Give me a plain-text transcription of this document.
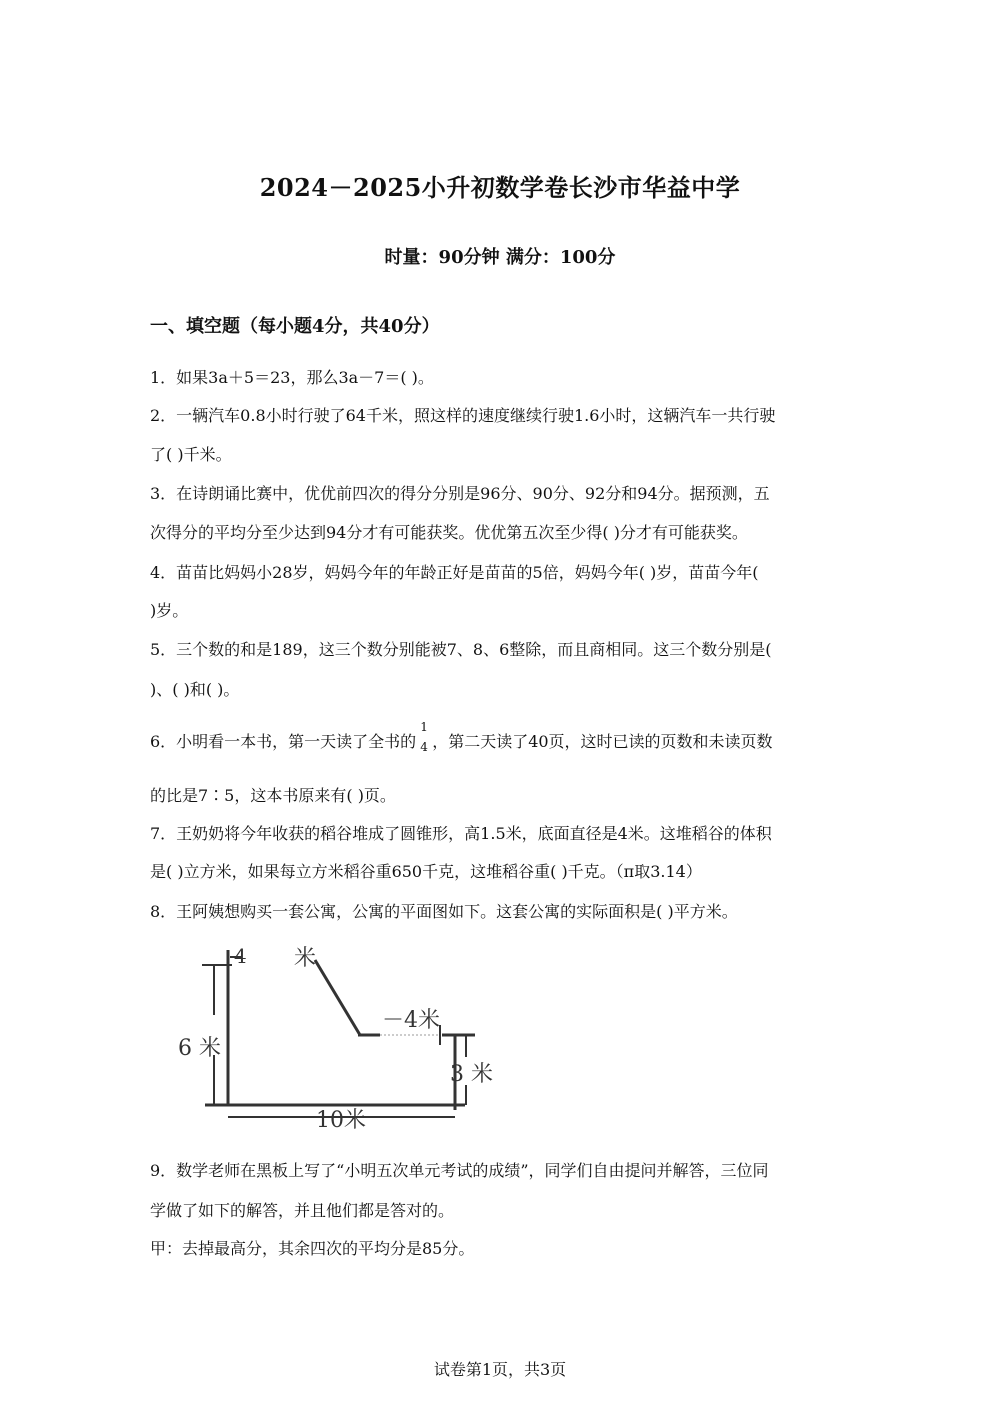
2024－2025小升初数学卷长沙市华益中学
时量：90分钟 满分：100分
一、填空题（每小题4分，共40分）
1．如果3a＋5＝23，那么3a－7＝( )。
2．一辆汽车0.8小时行驶了64千米，照这样的速度继续行驶1.6小时，这辆汽车一共行驶
了( )千米。
3．在诗朗诵比赛中，优优前四次的得分分别是96分、90分、92分和94分。据预测，五
次得分的平均分至少达到94分才有可能获奖。优优第五次至少得( )分才有可能获奖。
4．苗苗比妈妈小28岁，妈妈今年的年龄正好是苗苗的5倍，妈妈今年( )岁，苗苗今年(
)岁。
5．三个数的和是189，这三个数分别能被7、8、6整除，而且商相同。这三个数分别是(
)、( )和( )。
6．小明看一本书，第一天读了全书的
1
4 ，第二天读了40页，这时已读的页数和未读页数
的比是7∶5，这本书原来有( )页。
7．王奶奶将今年收获的稻谷堆成了圆锥形，高1.5米，底面直径是4米。这堆稻谷的体积
是( )立方米，如果每立方米稻谷重650千克，这堆稻谷重( )千克。（π取3.14）
8．王阿姨想购买一套公寓，公寓的平面图如下。这套公寓的实际面积是( )平方米。
4 米
－4米
6 米
3 米
10米
9．数学老师在黑板上写了“小明五次单元考试的成绩”，同学们自由提问并解答，三位同
学做了如下的解答，并且他们都是答对的。
甲：去掉最高分，其余四次的平均分是85分。
试卷第1页，共3页
